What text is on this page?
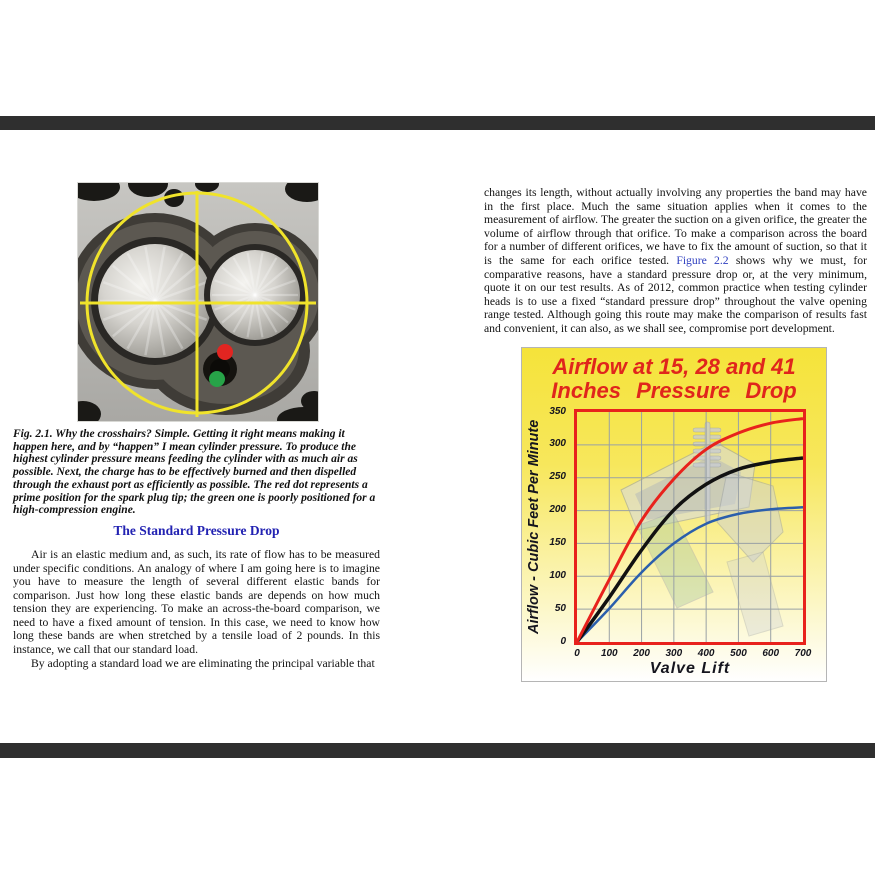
Fig. 2.1. Why the crosshairs? Simple. Getting it right means making it happen here, and by “happen” I mean cylinder pressure. To produce the highest cylinder pressure means feeding the cylinder with as much air as possible. Next, the charge has to be effectively burned and then dispelled through the exhaust port as efficiently as possible. The red dot represents a prime position for the spark plug tip; the green one is poorly positioned for a high-compression engine.
The Standard Pressure Drop

Air is an elastic medium and, as such, its rate of flow has to be measured under specific conditions. An analogy of where I am going here is to imagine you have to measure the length of several different elastic bands for comparison. Just how long these elastic bands are depends on how much tension they are experiencing. To make an across-the-board comparison, we need to have a fixed amount of tension. In this case, we need to know how long these bands are when stretched by a tensile load of 2 pounds. In this instance, we call that our standard load.

By adopting a standard load we are eliminating the principal variable that

changes its length, without actually involving any properties the band may have in the first place. Much the same situation applies when it comes to the measurement of airflow. The greater the suction on a given orifice, the greater the volume of airflow through that orifice. To make a comparison across the board for a number of different orifices, we have to fix the amount of suction, so that it is the same for each orifice tested. Figure 2.2 shows why we must, for comparative reasons, have a standard pressure drop or, at the very minimum, quote it on our test results. As of 2012, common practice when testing cylinder heads is to use a fixed “standard pressure drop” throughout the valve opening range tested. Although going this route may make the comparison of results fast and convenient, it can also, as we shall see, compromise port development.

Airflow at 15, 28 and 41
Inches Pressure Drop
Airflow - Cubic Feet Per Minute
0
50
100
150
200
250
300
350
0 100 200 300 400 500 600 700
Valve Lift
